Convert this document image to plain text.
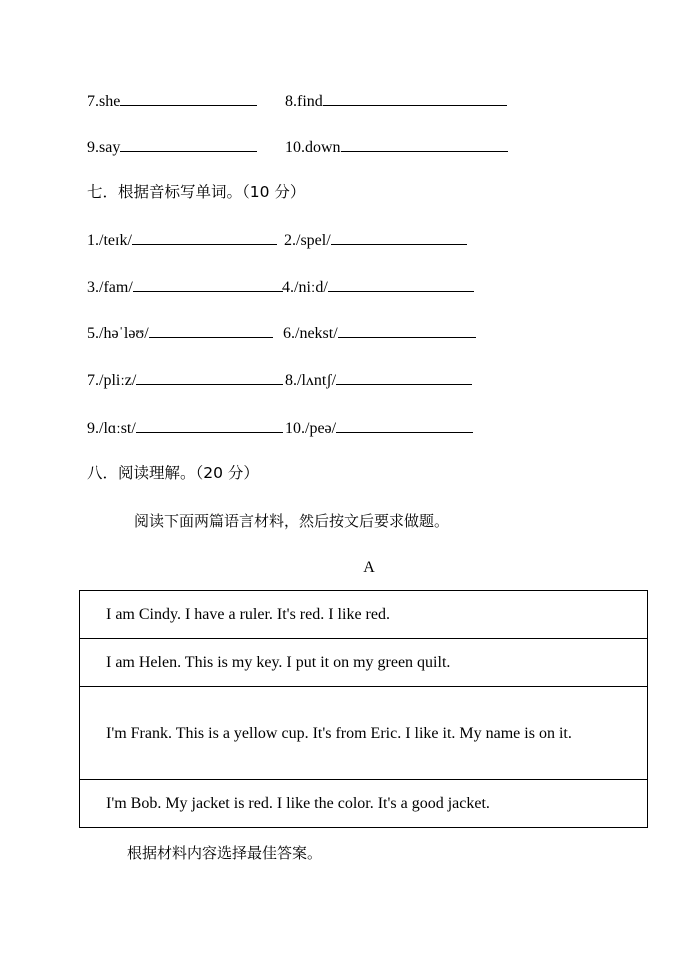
7.she	8.find
9.say	10.down
七．根据音标写单词。（10 分）
1./teɪk/	2./spel/
3./fam/	4./niːd/
5./həˈləʊ/	6./nekst/
7./pliːz/	8./lʌntʃ/
9./lɑːst/	10./peə/
八．阅读理解。（20 分）
阅读下面两篇语言材料，然后按文后要求做题。
A
I am Cindy. I have a ruler. It's red. I like red.

I am Helen. This is my key. I put it on my green quilt.

I'm Frank. This is a yellow cup. It's from Eric. I like it. My name is on it.

I'm Bob. My jacket is red. I like the color. It's a good jacket.
根据材料内容选择最佳答案。
